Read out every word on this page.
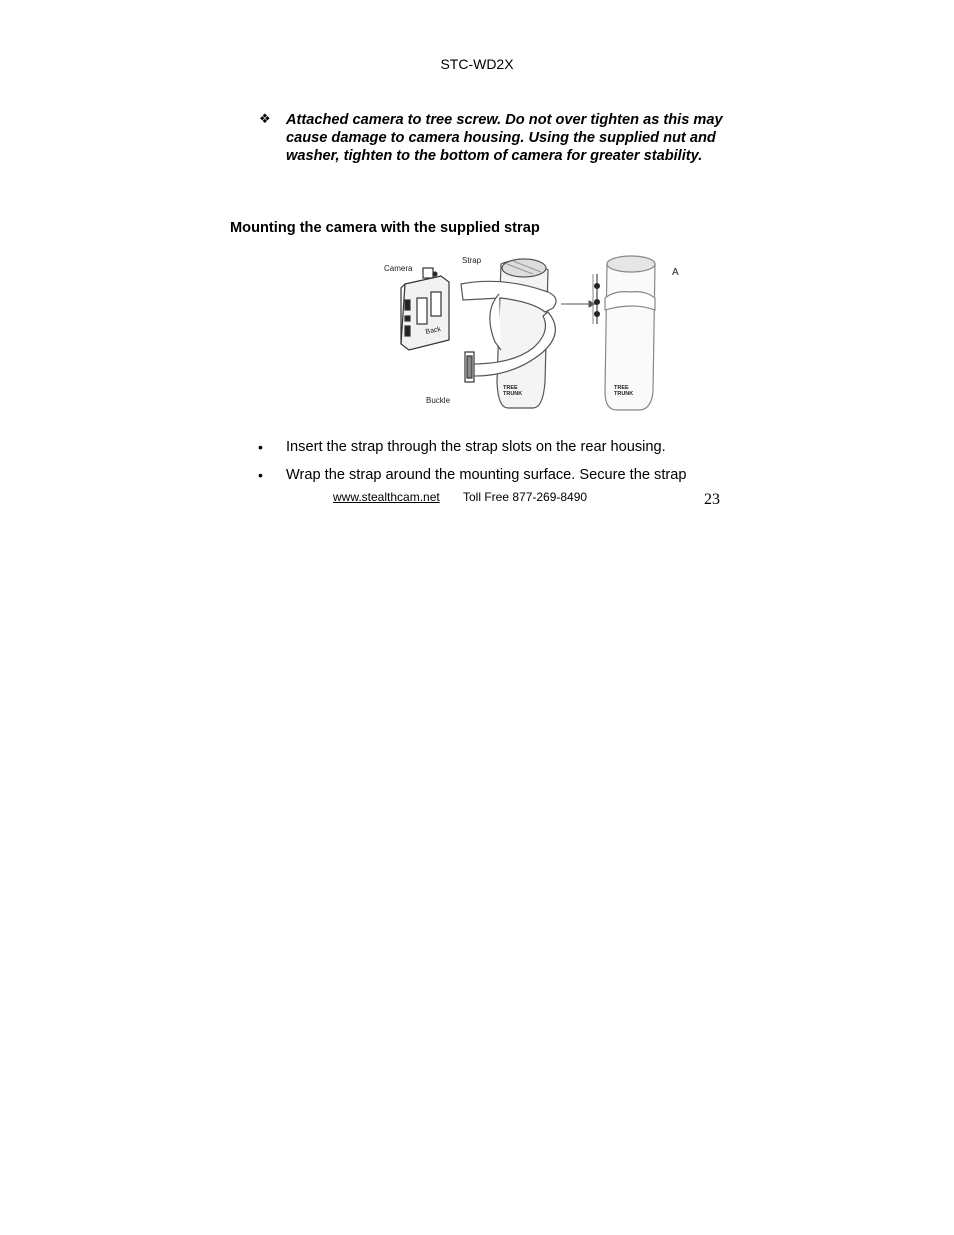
STC-WD2X
❖ Attached camera to tree screw. Do not over tighten as this may cause damage to camera housing. Using the supplied nut and washer, tighten to the bottom of camera for greater stability.
Mounting the camera with the supplied strap
Camera
Strap
Back
Buckle
TREE
TRUNK
TREE
TRUNK
A
• Insert the strap through the strap slots on the rear housing.
• Wrap the strap around the mounting surface. Secure the strap
www.stealthcam.net Toll Free 877-269-8490	23
